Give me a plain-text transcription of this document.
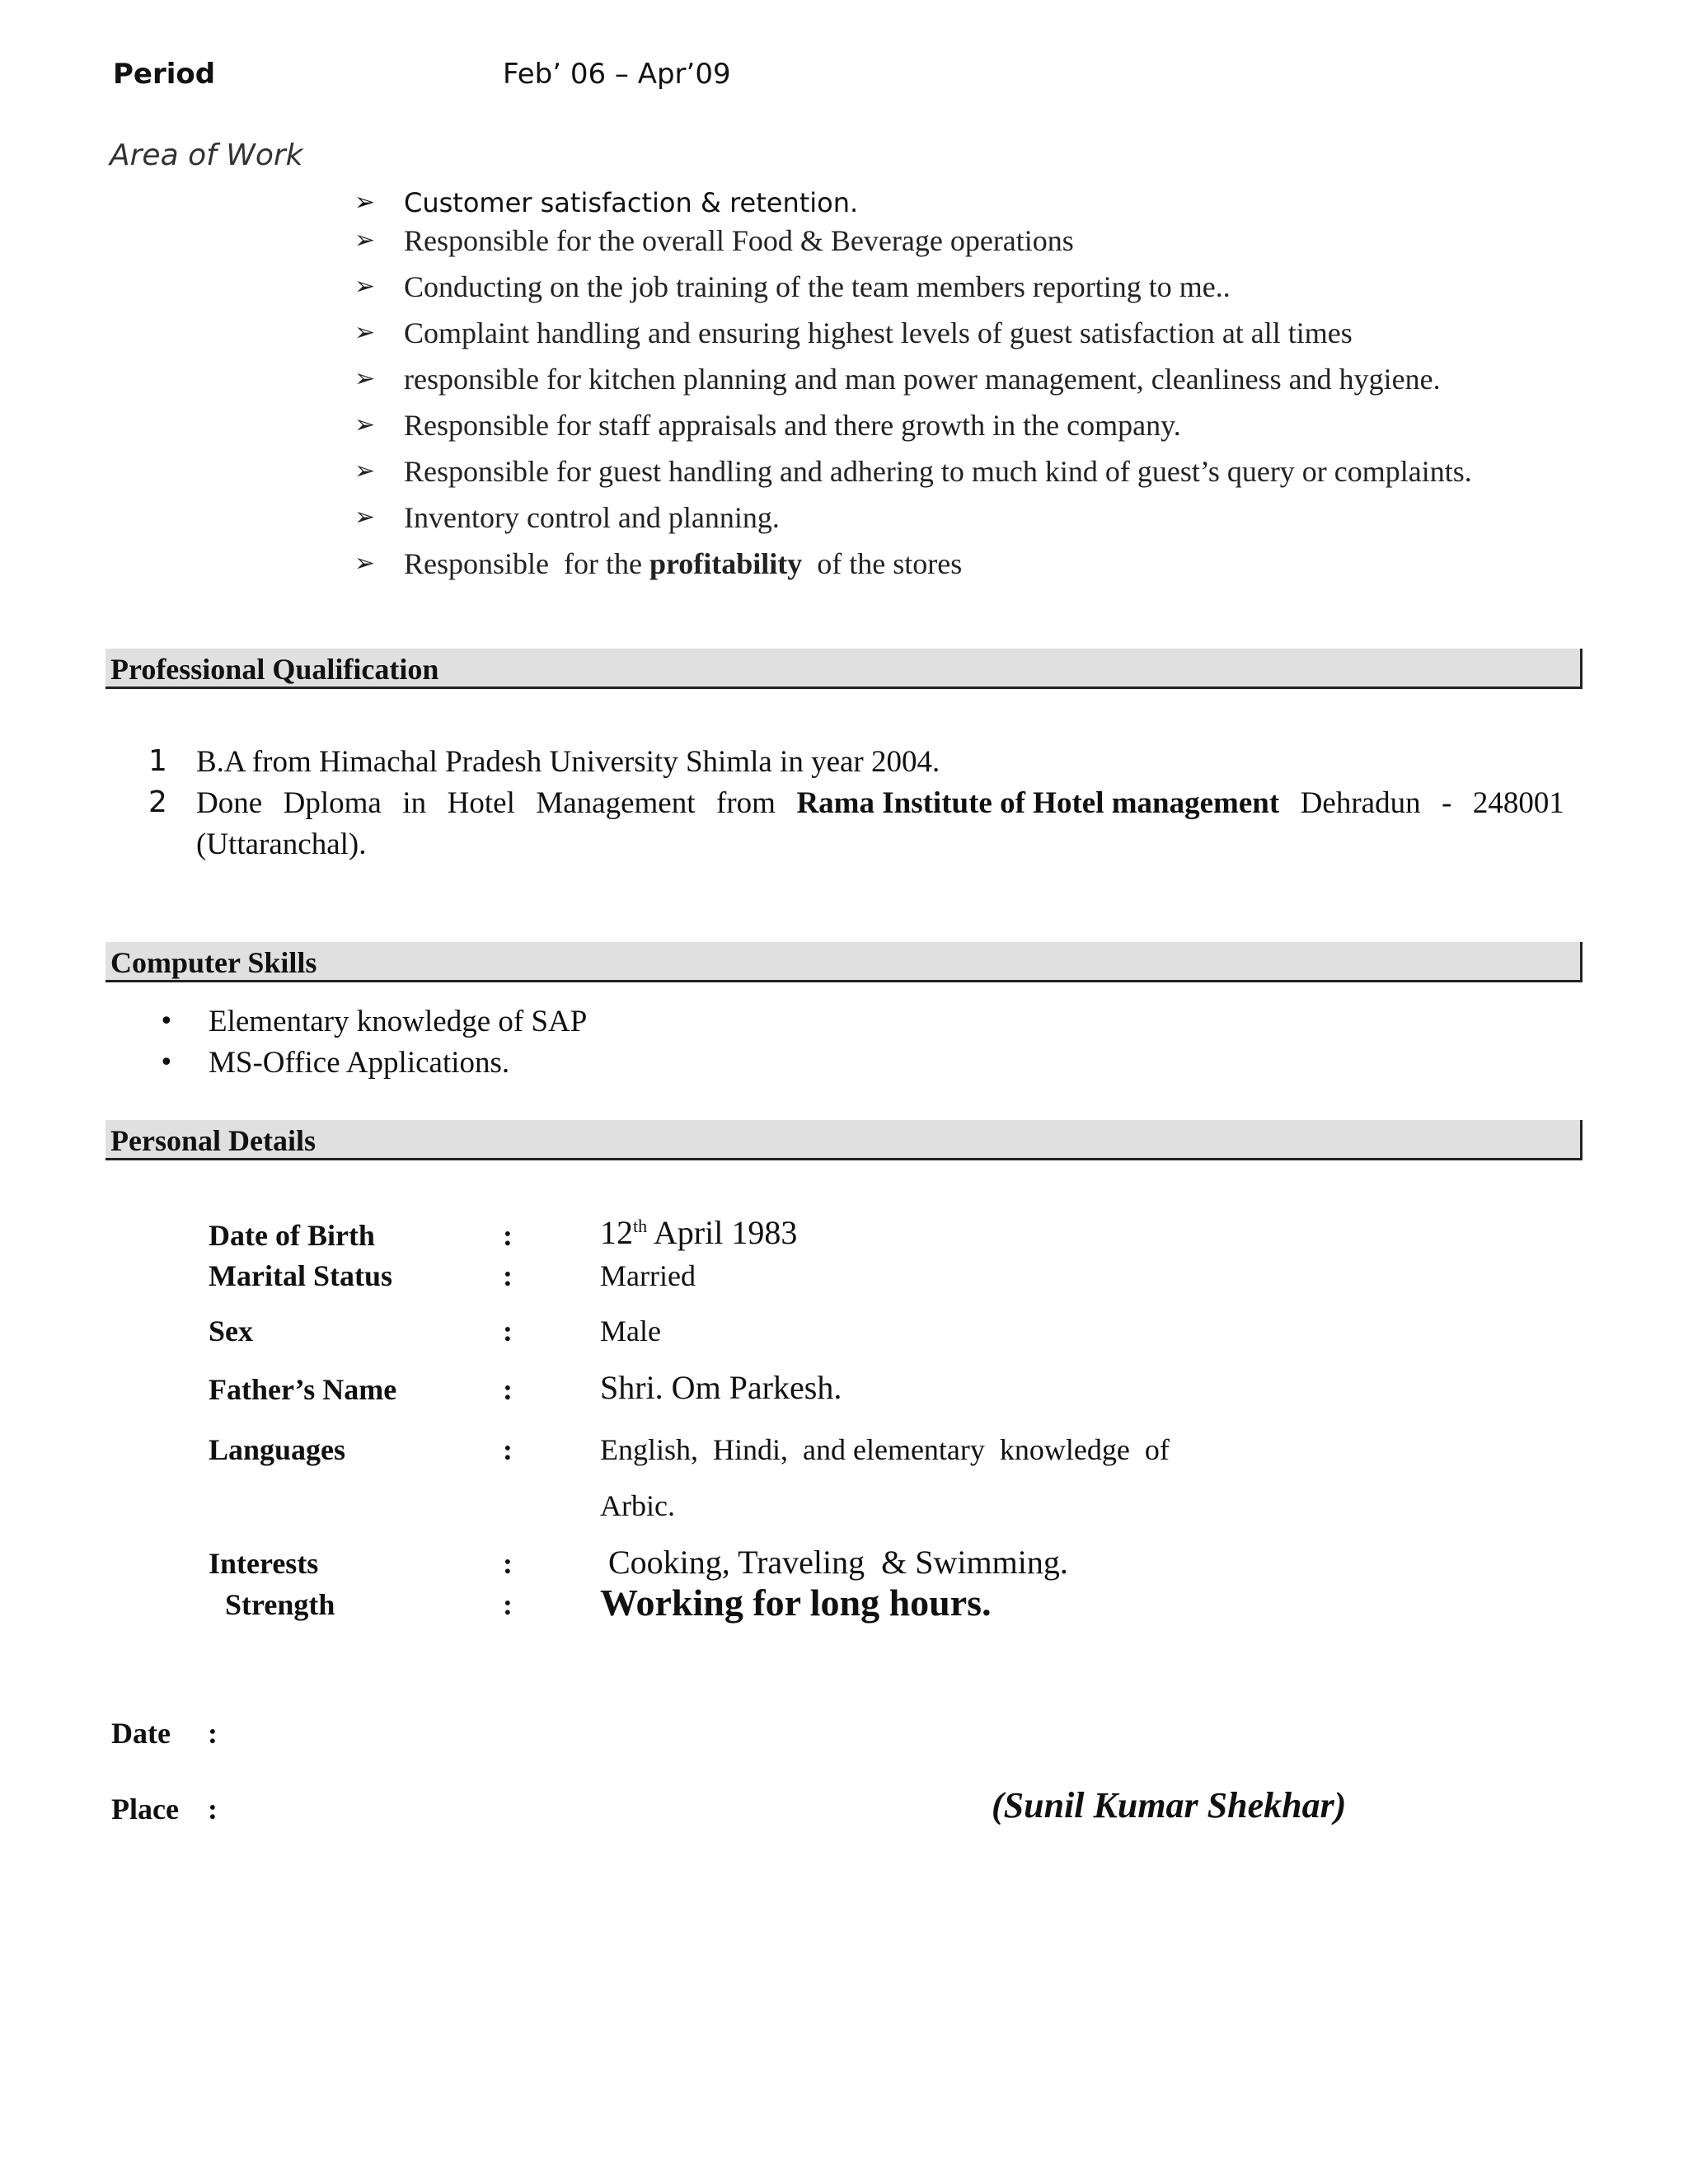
Period	Feb’ 06 – Apr’09
Area of Work
➢ Customer satisfaction & retention.
➢ Responsible for the overall Food & Beverage operations
➢ Conducting on the job training of the team members reporting to me..
➢ Complaint handling and ensuring highest levels of guest satisfaction at all times
➢ responsible for kitchen planning and man power management, cleanliness and hygiene.
➢ Responsible for staff appraisals and there growth in the company.
➢ Responsible for guest handling and adhering to much kind of guest’s query or complaints.
➢ Inventory control and planning.
➢ Responsible  for the profitability  of the stores
Professional Qualification
1 B.A from Himachal Pradesh University Shimla in year 2004.
2 Done Dploma in Hotel Management from Rama Institute of Hotel management Dehradun - 248001
(Uttaranchal).
Computer Skills
• Elementary knowledge of SAP
• MS-Office Applications.
Personal Details
Date of Birth	:	12th April 1983
Marital Status	:	Married
Sex	:	Male
Father’s Name	:	Shri. Om Parkesh.
Languages	:	English,  Hindi,  and elementary  knowledge  of
Arbic.
Interests	:	Cooking, Traveling  & Swimming.
Strength	: Working for long hours.
Date :
Place :	(Sunil Kumar Shekhar)
